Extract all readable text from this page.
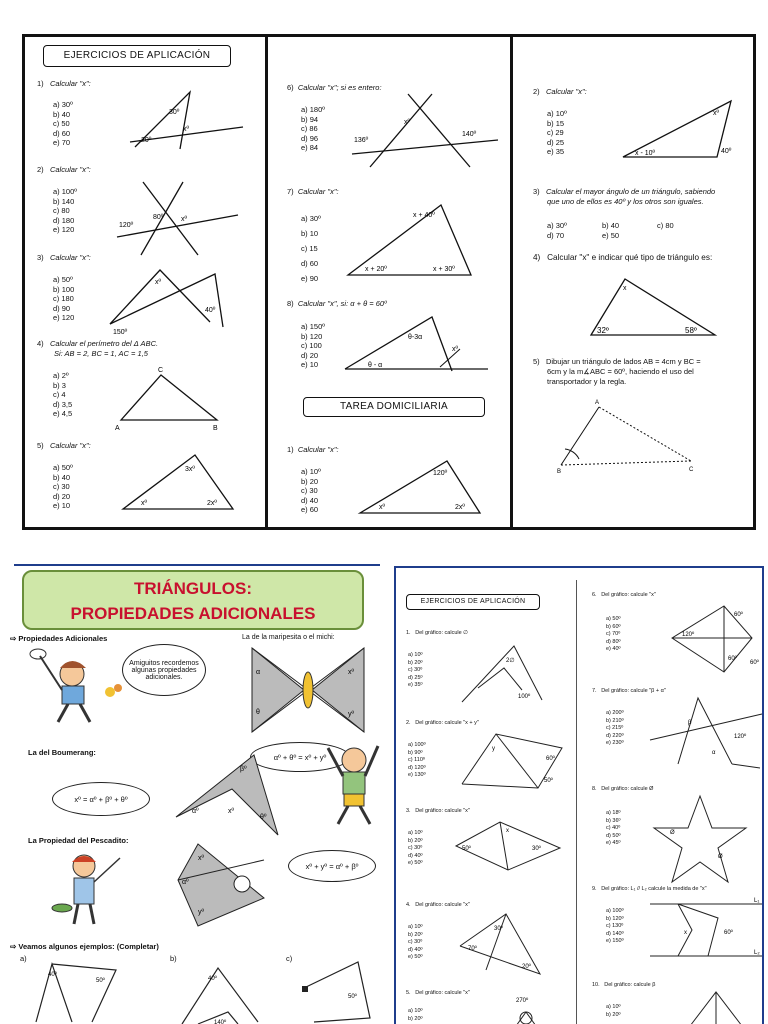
EJERCICIOS DE APLICACIÓN
1) Calcular "x":
a) 30º
b) 40
c) 50
d) 60
e) 70
30º
20º
xº
2) Calcular "x":
a) 100º
b) 140
c) 80
d) 180
e) 120	120º
80º	xº
3) Calcular "x":
a) 50º
b) 100
c) 180
d) 90
e) 120
xº
40º
150º
4) Calcular el perímetro del Δ ABC.
Si: AB = 2, BC = 1, AC = 1,5
a) 2º
b) 3
c) 4
d) 3,5
e) 4,5
C
A	B
5) Calcular "x":
a) 50º
b) 40
c) 30
d) 20
e) 10
3xº
xº	2xº
6) Calcular "x"; si es entero:
a) 180º
b) 94
c) 86
d) 96
e) 84
136º
xº
140º
7) Calcular "x":
a) 30º
b) 10
c) 15
d) 60
e) 90
x + 40º
x + 20º	x + 30º
8) Calcular "x", si: α + θ = 60º
a) 150º
b) 120
c) 100
d) 20
e) 10
θ-3α
θ - α
xº
TAREA DOMICILIARIA
1) Calcular "x":
a) 10º
b) 20
c) 30
d) 40
e) 60
120º
xº	2xº
2) Calcular "x":
a) 10º
b) 15
c) 29
d) 25
e) 35
xº
x - 10º	40º
3) Calcular el mayor ángulo de un triángulo, sabiendo
que uno de ellos es 40º y los otros son iguales.
a) 30º	b) 40	c) 80
d) 70	e) 50
4) Calcular "x" e indicar qué tipo de triángulo es:
x
32º	58º
5) Dibujar un triángulo de lados AB = 4cm y BC =
6cm y la m∡ABC = 60º, haciendo el uso del
transportador y la regla.
A
B	C
TRIÁNGULOS:
PROPIEDADES ADICIONALES
⇨ Propiedades Adicionales
Amiguitos recordemos algunas propiedades adicionales.
La de la maripesita o el michi:
α
θ
xº
yº
αº + θº = xº + yº
La del Boumerang:
xº = αº + βº + θº
βº
αº	xº
θº
La Propiedad del Pescadito:
αº
xº
yº
xº + yº = αº + βº
⇨ Veamos algunos ejemplos: (Completar)
a)
40º
50º
b)
40º
140º
c)
50º
EJERCICIOS DE APLICACIÓN
1. Del gráfico: calcule ∅
a) 10º
b) 20º
c) 30º
d) 25º
e) 35º
2∅
100º
2. Del gráfico: calcule "x + y"
a) 100º
b) 90º
c) 110º
d) 120º
e) 130º
y
60º
50º
3. Del gráfico: calcule "x"
a) 10º
b) 20º
c) 30º
d) 40º
e) 50º
50º	30º
x
4. Del gráfico: calcule "x"
a) 10º
b) 20º
c) 30º
d) 40º
e) 50º
30º
70º
20º
5. Del gráfico: calcule "x"
a) 10º
b) 20º
270º
6. Del gráfico: calcule "x"
a) 50º
b) 60º
c) 70º
d) 80º
e) 40º
60º
120º
60º
60º
7. Del gráfico: calcule "β + α"
a) 200º
b) 210º
c) 215º
d) 220º
e) 230º
β
120º
α
8. Del gráfico: calcule Ø
a) 18º
b) 36º
c) 40º
d) 50º
e) 45º
Ø
Ø
9. Del gráfico: L₁ // L₂ calcule la medida de "x"
a) 100º
b) 120º
c) 130º
d) 140º
e) 150º
L₁
L₂
60º
x
10. Del gráfico: calcule β
a) 10º
b) 20º
